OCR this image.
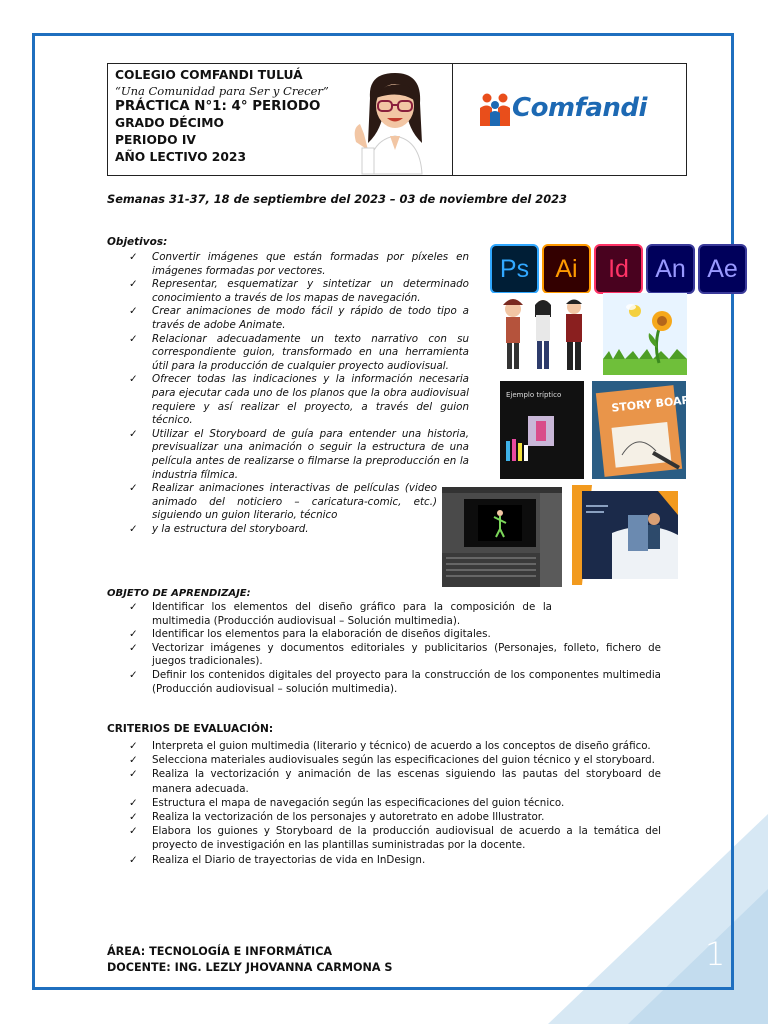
COLEGIO COMFANDI TULUÁ
“Una Comunidad para Ser y Crecer”
PRÁCTICA N°1: 4° PERIODO
GRADO DÉCIMO
PERIODO IV
AÑO LECTIVO 2023
Comfandi
Semanas 31-37, 18 de septiembre del 2023 – 03 de noviembre del 2023
Objetivos:
✓ Convertir imágenes que están formadas por píxeles en imágenes formadas por vectores.
✓ Representar, esquematizar y sintetizar un determinado conocimiento a través de los mapas de navegación.
✓ Crear animaciones de modo fácil y rápido de todo tipo a través de adobe Animate.
✓ Relacionar adecuadamente un texto narrativo con su correspondiente guion, transformado en una herramienta útil para la producción de cualquier proyecto audiovisual.
✓ Ofrecer todas las indicaciones y la información necesaria para ejecutar cada uno de los planos que la obra audiovisual requiere y así realizar el proyecto, a través del guion técnico.
✓ Utilizar el Storyboard de guía para entender una historia, previsualizar una animación o seguir la estructura de una película antes de realizarse o filmarse la preproducción en la industria fílmica.
✓ Realizar animaciones interactivas de películas (video animado del noticiero – caricatura-comic, etc.) siguiendo un guion literario, técnico
✓ y la estructura del storyboard.
Ps	Ai	Id	An Ae
Ejemplo tríptico	STORY BOARD
OBJETO DE APRENDIZAJE:
✓ Identificar los elementos del diseño gráfico para la composición de la multimedia (Producción audiovisual – Solución multimedia).
✓ Identificar los elementos para la elaboración de diseños digitales.
✓ Vectorizar imágenes y documentos editoriales y publicitarios (Personajes, folleto, fichero de juegos tradicionales).
✓ Definir los contenidos digitales del proyecto para la construcción de los componentes multimedia (Producción audiovisual – solución multimedia).
CRITERIOS DE EVALUACIÓN:
✓ Interpreta el guion multimedia (literario y técnico) de acuerdo a los conceptos de diseño gráfico.
✓ Selecciona materiales audiovisuales según las especificaciones del guion técnico y el storyboard.
✓ Realiza la vectorización y animación de las escenas siguiendo las pautas del storyboard de manera adecuada.
✓ Estructura el mapa de navegación según las especificaciones del guion técnico.
✓ Realiza la vectorización de los personajes y autoretrato en adobe Illustrator.
✓ Elabora los guiones y Storyboard de la producción audiovisual de acuerdo a la temática del proyecto de investigación en las plantillas suministradas por la docente.
✓ Realiza el Diario de trayectorias de vida en InDesign.
ÁREA: TECNOLOGÍA E INFORMÁTICA
DOCENTE: ING. LEZLY JHOVANNA CARMONA S	1
